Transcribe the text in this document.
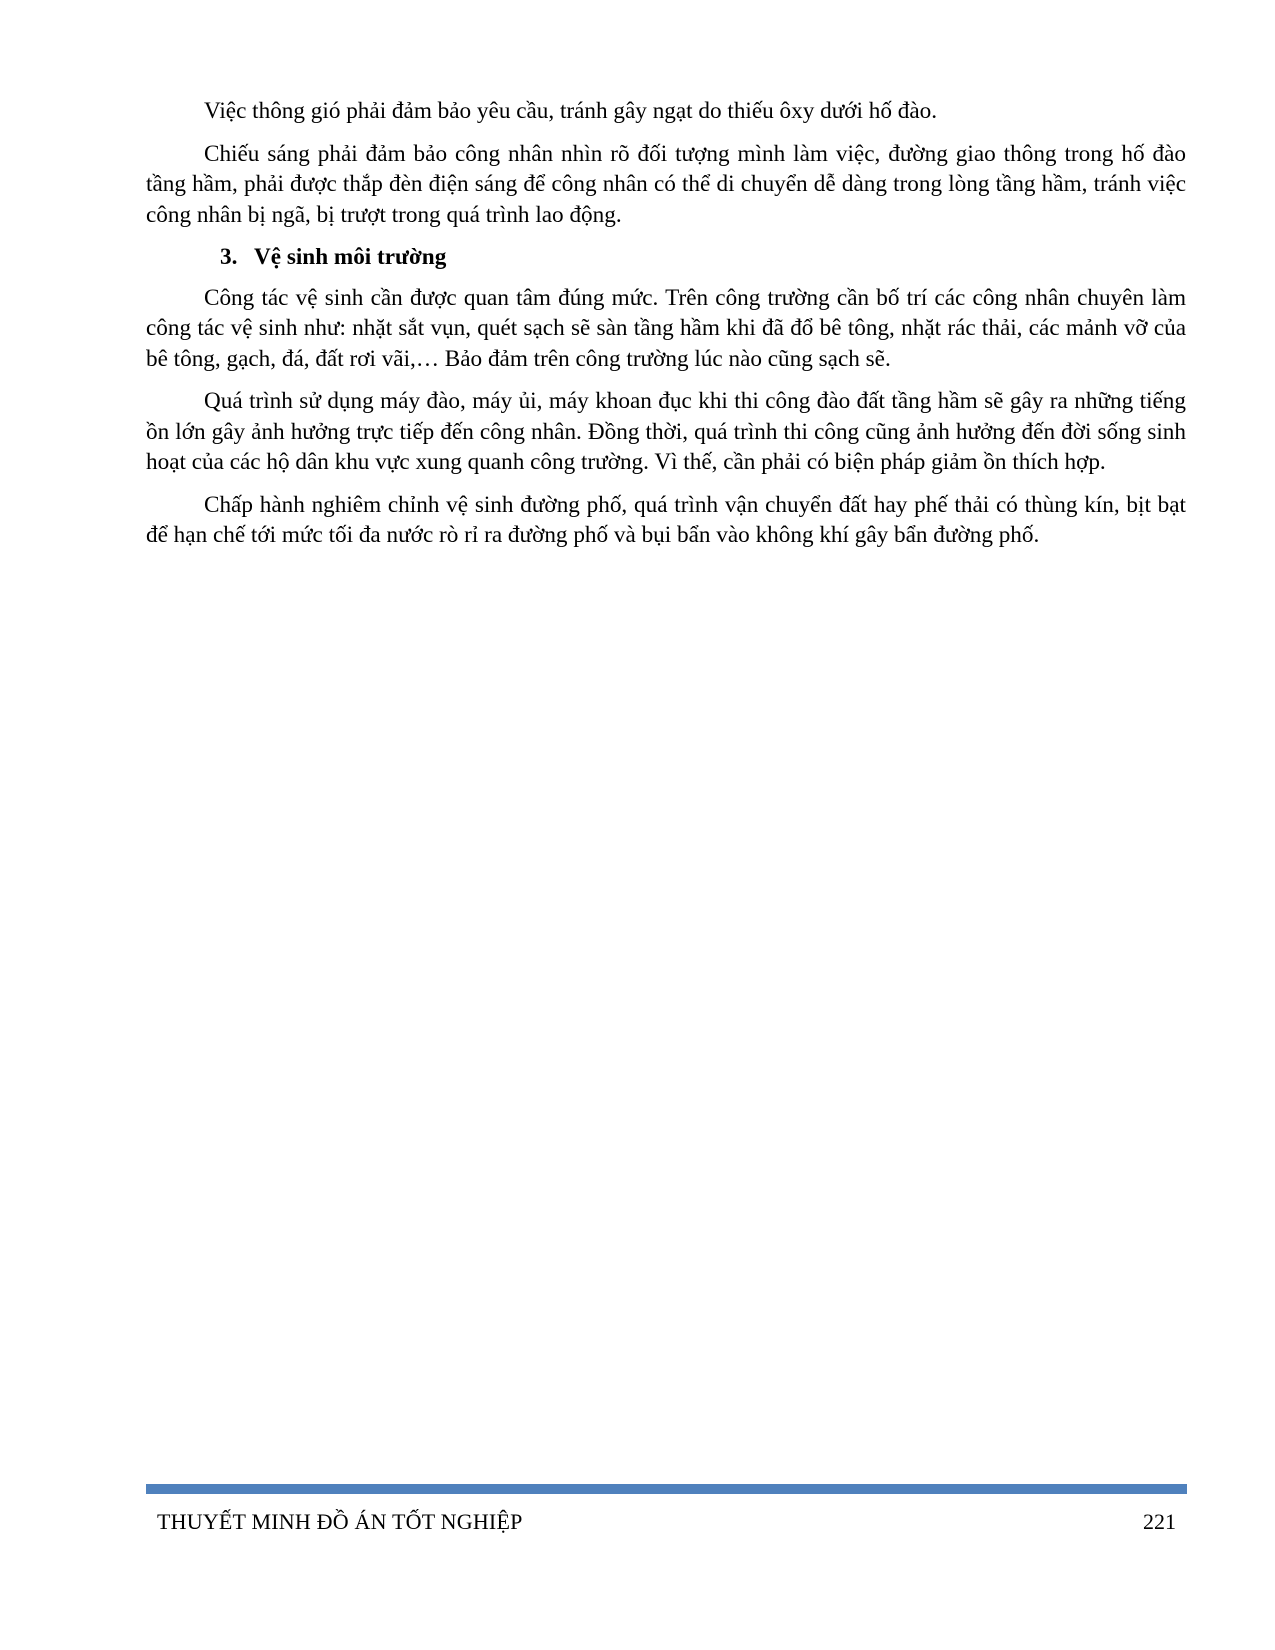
Việc thông gió phải đảm bảo yêu cầu, tránh gây ngạt do thiếu ôxy dưới hố đào.

Chiếu sáng phải đảm bảo công nhân nhìn rõ đối tượng mình làm việc, đường giao thông trong hố đào tầng hầm, phải được thắp đèn điện sáng để công nhân có thể di chuyển dễ dàng trong lòng tầng hầm, tránh việc công nhân bị ngã, bị trượt trong quá trình lao động.

3. Vệ sinh môi trường

Công tác vệ sinh cần được quan tâm đúng mức. Trên công trường cần bố trí các công nhân chuyên làm công tác vệ sinh như: nhặt sắt vụn, quét sạch sẽ sàn tầng hầm khi đã đổ bê tông, nhặt rác thải, các mảnh vỡ của bê tông, gạch, đá, đất rơi vãi,… Bảo đảm trên công trường lúc nào cũng sạch sẽ.

Quá trình sử dụng máy đào, máy ủi, máy khoan đục khi thi công đào đất tầng hầm sẽ gây ra những tiếng ồn lớn gây ảnh hưởng trực tiếp đến công nhân. Đồng thời, quá trình thi công cũng ảnh hưởng đến đời sống sinh hoạt của các hộ dân khu vực xung quanh công trường. Vì thế, cần phải có biện pháp giảm ồn thích hợp.

Chấp hành nghiêm chỉnh vệ sinh đường phố, quá trình vận chuyển đất hay phế thải có thùng kín, bịt bạt để hạn chế tới mức tối đa nước rò rỉ ra đường phố và bụi bẩn vào không khí gây bẩn đường phố.

THUYẾT MINH ĐỒ ÁN TỐT NGHIỆP	221
